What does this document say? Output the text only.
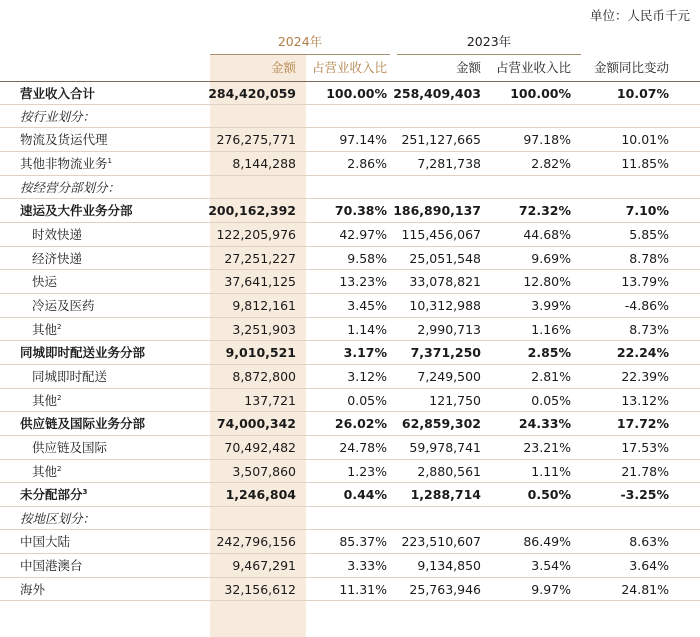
单位：人民币千元
2024年	2023年
金额 占营业收入比	金额 占营业收入比 金额同比变动
营业收入合计	284,420,059 100.00% 258,409,403 100.00%	10.07%
按行业划分：
物流及货运代理	276,275,771	97.14% 251,127,665	97.18%	10.01%
其他非物流业务$^1$	8,144,288	2.86% 7,281,738	2.82%	11.85%
按经营分部划分：
速运及大件业务分部	200,162,392	70.38% 186,890,137	72.32%	7.10%
时效快递	122,205,976	42.97% 115,456,067	44.68%	5.85%
经济快递	27,251,227	9.58% 25,051,548	9.69%	8.78%
快运	37,641,125	13.23% 33,078,821	12.80%	13.79%
冷运及医药	9,812,161	3.45% 10,312,988	3.99%	-4.86%
其他$^2$	3,251,903	1.14% 2,990,713	1.16%	8.73%
同城即时配送业务分部	9,010,521	3.17% 7,371,250	2.85%	22.24%
同城即时配送	8,872,800	3.12% 7,249,500	2.81%	22.39%
其他$^2$	137,721	0.05%	121,750	0.05%	13.12%
供应链及国际业务分部	74,000,342	26.02% 62,859,302	24.33%	17.72%
供应链及国际	70,492,482	24.78% 59,978,741	23.21%	17.53%
其他$^2$	3,507,860	1.23% 2,880,561	1.11%	21.78%
未分配部分$^3$	1,246,804	0.44% 1,288,714	0.50%	-3.25%
按地区划分：
中国大陆	242,796,156	85.37% 223,510,607	86.49%	8.63%
中国港澳台	9,467,291	3.33% 9,134,850	3.54%	3.64%
海外	32,156,612	11.31% 25,763,946	9.97%	24.81%
